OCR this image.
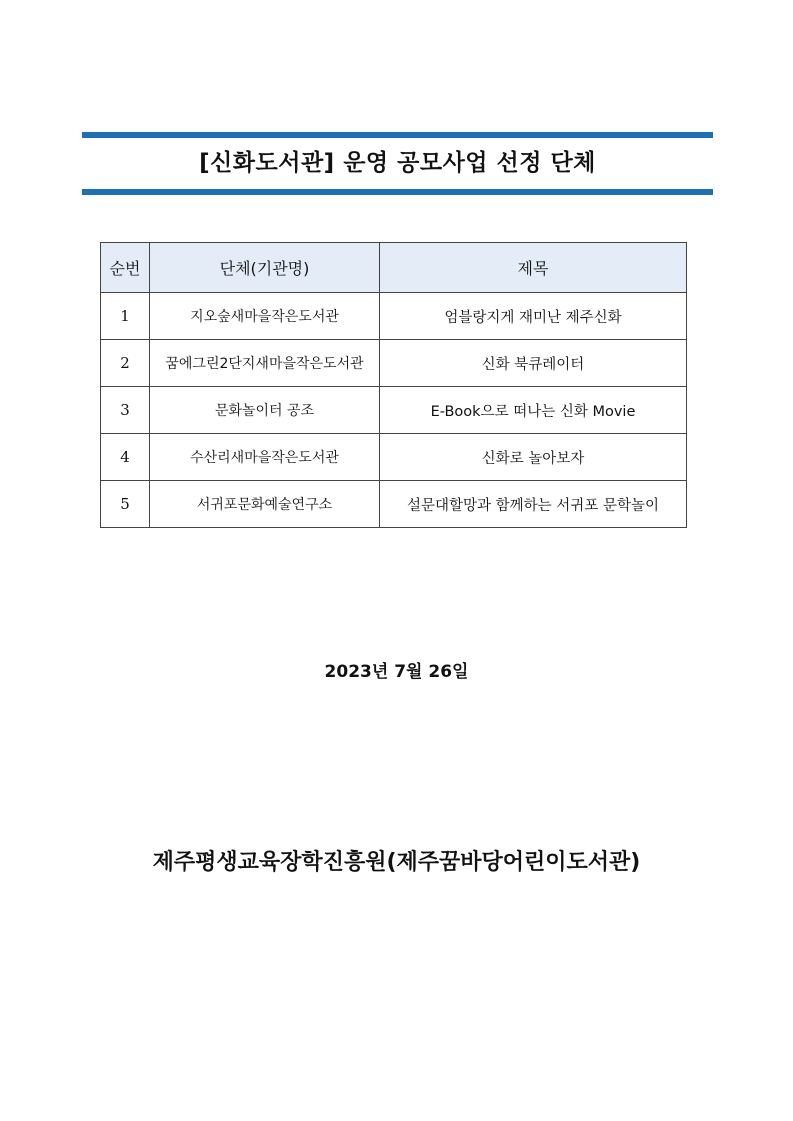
[신화도서관] 운영 공모사업 선정 단체
순번	단체(기관명)	제목
1	지오숲새마을작은도서관	엄블랑지게 재미난 제주신화
2	꿈에그린2단지새마을작은도서관	신화 북큐레이터
3	문화놀이터 공조	E-Book으로 떠나는 신화 Movie
4	수산리새마을작은도서관	신화로 놀아보자
5	서귀포문화예술연구소	설문대할망과 함께하는 서귀포 문학놀이
2023년 7월 26일
제주평생교육장학진흥원(제주꿈바당어린이도서관)
